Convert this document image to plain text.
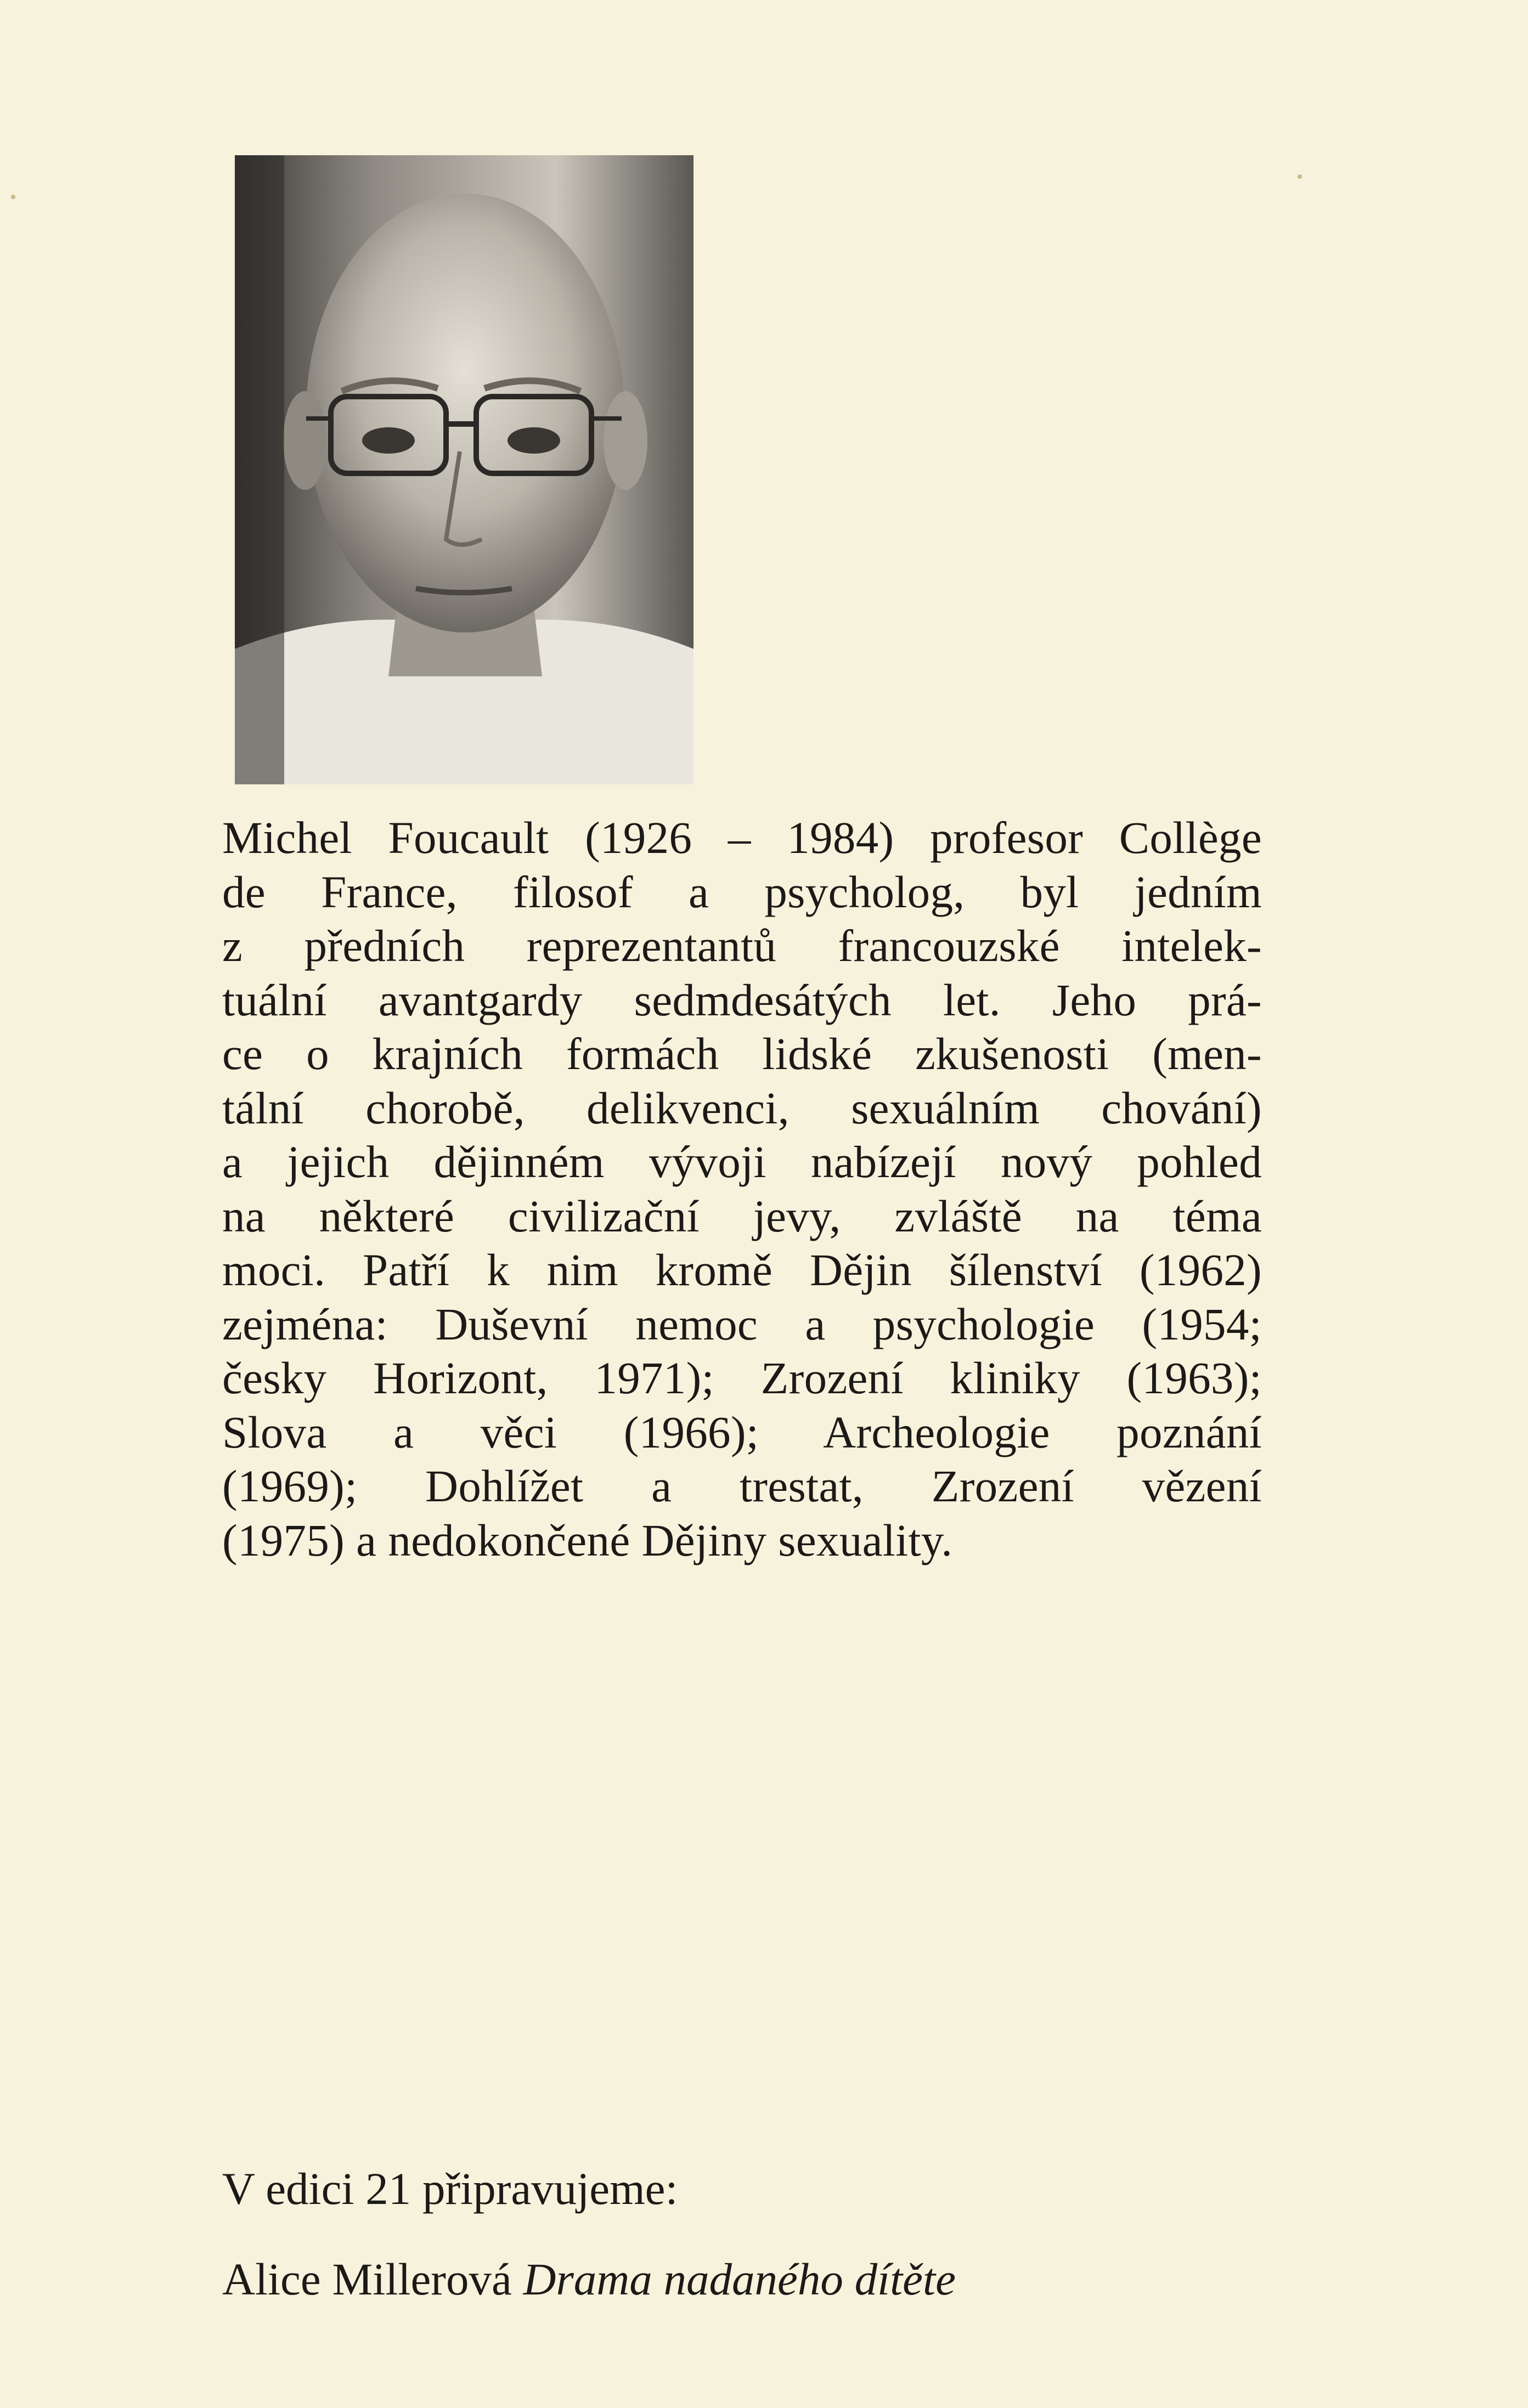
Michel Foucault (1926 – 1984) profesor Collège
de France, filosof a psycholog, byl jedním
z předních reprezentantů francouzské intelek-
tuální avantgardy sedmdesátých let. Jeho prá-
ce o krajních formách lidské zkušenosti (men-
tální chorobě, delikvenci, sexuálním chování)
a jejich dějinném vývoji nabízejí nový pohled
na některé civilizační jevy, zvláště na téma
moci. Patří k nim kromě Dějin šílenství (1962)
zejména: Duševní nemoc a psychologie (1954;
česky Horizont, 1971); Zrození kliniky (1963);
Slova a věci (1966); Archeologie poznání
(1969); Dohlížet a trestat, Zrození vězení
(1975) a nedokončené Dějiny sexuality.
V edici 21 připravujeme:
Alice Millerová Drama nadaného dítěte
